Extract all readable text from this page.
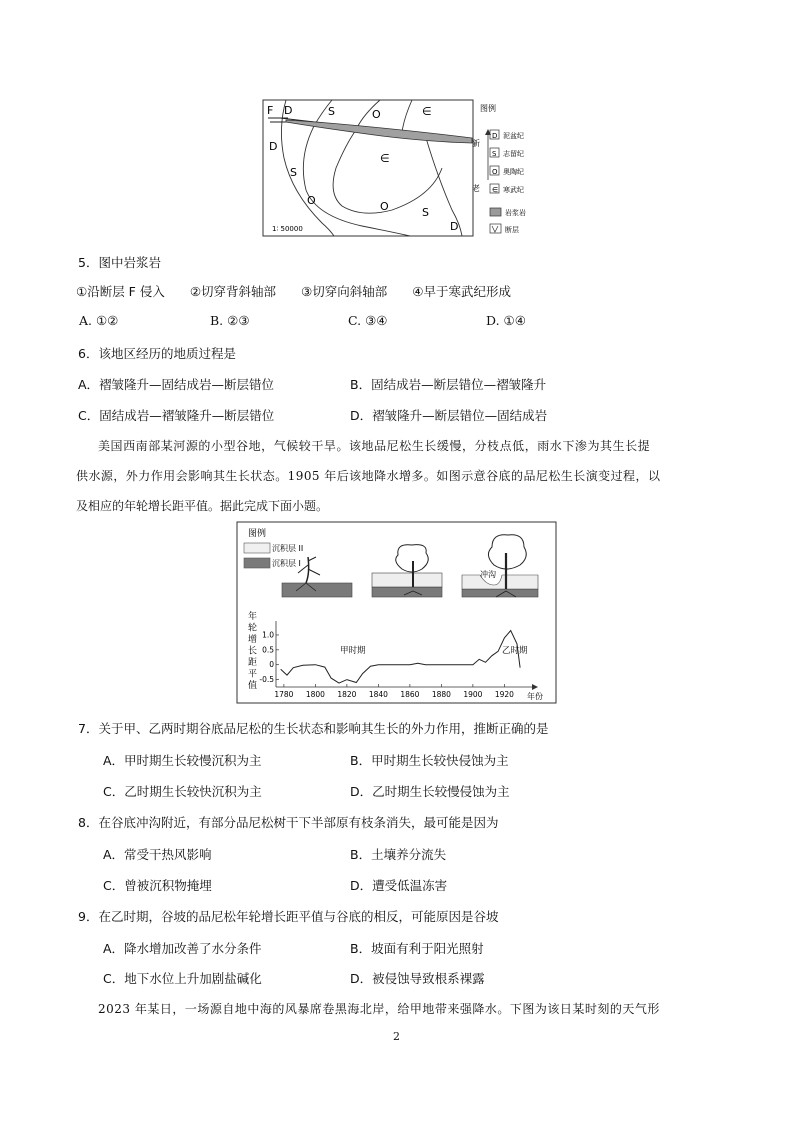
F D	S	O	∈
D
S
∈
O	O	S
D
1∶ 50000
图例
新
老
D 泥盆纪
S 志留纪
O 奥陶纪
∈ 寒武纪
岩浆岩
断层
5．图中岩浆岩
①沿断层 F 侵入　　②切穿背斜轴部　　③切穿向斜轴部　　④早于寒武纪形成
A. ①②	B. ②③	C. ③④	D. ①④
6．该地区经历的地质过程是
A．褶皱隆升—固结成岩—断层错位	B．固结成岩—断层错位—褶皱隆升
C．固结成岩—褶皱隆升—断层错位	D．褶皱隆升—断层错位—固结成岩
美国西南部某河源的小型谷地，气候较干旱。该地品尼松生长缓慢，分枝点低，雨水下渗为其生长提
供水源，外力作用会影响其生长状态。1905 年后该地降水增多。如图示意谷底的品尼松生长演变过程，以
及相应的年轮增长距平值。据此完成下面小题。
图例
沉积层 II
沉积层 I
冲沟
年
轮
增
长
距
平
值
1.0
0.5
0
-0.5
1780 1800 1820 1840 1860 1880 1900 1920 年份
甲时期	乙时期
7．关于甲、乙两时期谷底品尼松的生长状态和影响其生长的外力作用，推断正确的是
A．甲时期生长较慢沉积为主	B．甲时期生长较快侵蚀为主
C．乙时期生长较快沉积为主	D．乙时期生长较慢侵蚀为主
8．在谷底冲沟附近，有部分品尼松树干下半部原有枝条消失，最可能是因为
A．常受干热风影响	B．土壤养分流失
C．曾被沉积物掩埋	D．遭受低温冻害
9．在乙时期，谷坡的品尼松年轮增长距平值与谷底的相反，可能原因是谷坡
A．降水增加改善了水分条件	B．坡面有利于阳光照射
C．地下水位上升加剧盐碱化	D．被侵蚀导致根系裸露
2023 年某日，一场源自地中海的风暴席卷黑海北岸，给甲地带来强降水。下图为该日某时刻的天气形
2
